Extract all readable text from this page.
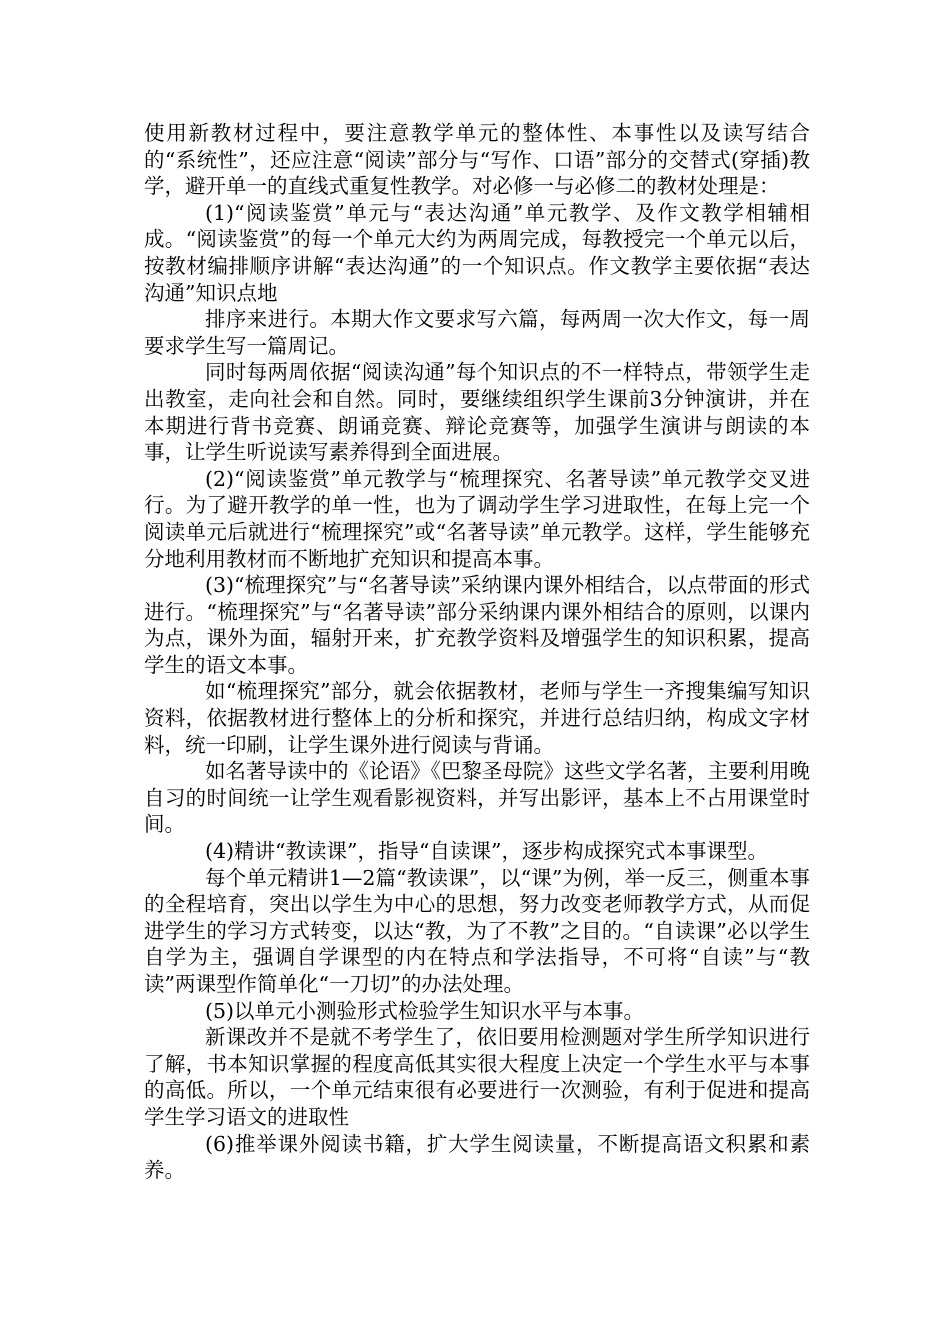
使用新教材过程中，要注意教学单元的整体性、本事性以及读写结合的“系统性”，还应注意“阅读”部分与“写作、口语”部分的交替式(穿插)教学，避开单一的直线式重复性教学。对必修一与必修二的教材处理是：

(1)“阅读鉴赏”单元与“表达沟通”单元教学、及作文教学相辅相成。“阅读鉴赏”的每一个单元大约为两周完成，每教授完一个单元以后，按教材编排顺序讲解“表达沟通”的一个知识点。作文教学主要依据“表达沟通”知识点地

排序来进行。本期大作文要求写六篇，每两周一次大作文，每一周要求学生写一篇周记。

同时每两周依据“阅读沟通”每个知识点的不一样特点，带领学生走出教室，走向社会和自然。同时，要继续组织学生课前3分钟演讲，并在本期进行背书竞赛、朗诵竞赛、辩论竞赛等，加强学生演讲与朗读的本事，让学生听说读写素养得到全面进展。

(2)“阅读鉴赏”单元教学与“梳理探究、名著导读”单元教学交叉进行。为了避开教学的单一性，也为了调动学生学习进取性，在每上完一个阅读单元后就进行“梳理探究”或“名著导读”单元教学。这样，学生能够充分地利用教材而不断地扩充知识和提高本事。

(3)“梳理探究”与“名著导读”采纳课内课外相结合，以点带面的形式进行。“梳理探究”与“名著导读”部分采纳课内课外相结合的原则，以课内为点，课外为面，辐射开来，扩充教学资料及增强学生的知识积累，提高学生的语文本事。

如“梳理探究”部分，就会依据教材，老师与学生一齐搜集编写知识资料，依据教材进行整体上的分析和探究，并进行总结归纳，构成文字材料，统一印刷，让学生课外进行阅读与背诵。

如名著导读中的《论语》《巴黎圣母院》这些文学名著，主要利用晚自习的时间统一让学生观看影视资料，并写出影评，基本上不占用课堂时间。

(4)精讲“教读课”，指导“自读课”，逐步构成探究式本事课型。

每个单元精讲1—2篇“教读课”，以“课”为例，举一反三，侧重本事的全程培育，突出以学生为中心的思想，努力改变老师教学方式，从而促进学生的学习方式转变，以达“教，为了不教”之目的。“自读课”必以学生自学为主，强调自学课型的内在特点和学法指导，不可将“自读”与“教读”两课型作简单化“一刀切”的办法处理。

(5)以单元小测验形式检验学生知识水平与本事。

新课改并不是就不考学生了，依旧要用检测题对学生所学知识进行了解，书本知识掌握的程度高低其实很大程度上决定一个学生水平与本事的高低。所以，一个单元结束很有必要进行一次测验，有利于促进和提高学生学习语文的进取性

(6)推举课外阅读书籍，扩大学生阅读量，不断提高语文积累和素养。
